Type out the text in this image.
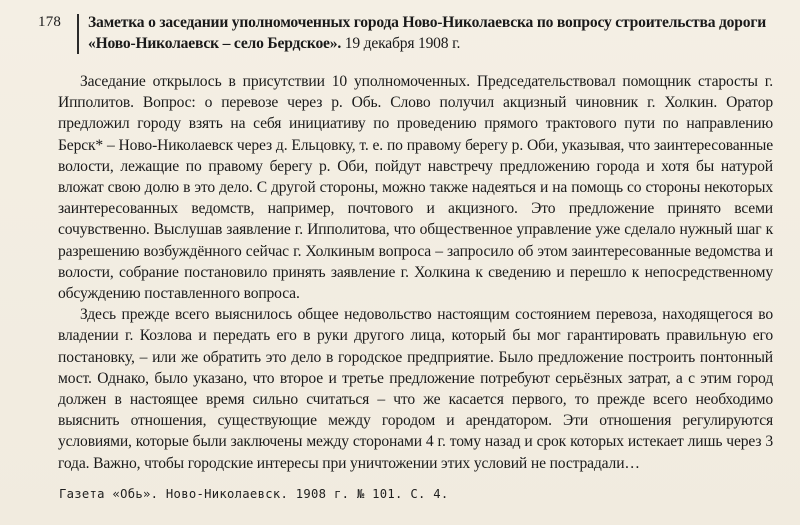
178 Заметка о заседании уполномоченных города Ново-Николаевска по вопросу строительства дороги «Ново-Николаевск – село Бердское». 19 декабря 1908 г.

Заседание открылось в присутствии 10 уполномоченных. Председательствовал помощник старосты г. Ипполитов. Вопрос: о перевозе через р. Обь. Слово получил акцизный чиновник г. Холкин. Оратор предложил городу взять на себя инициативу по проведению прямого трактового пути по направлению Берск* – Ново-Николаевск через д. Ельцовку, т. е. по правому берегу р. Оби, указывая, что заинтересованные волости, лежащие по правому берегу р. Оби, пойдут навстречу предложению города и хотя бы натурой вложат свою долю в это дело. С другой стороны, можно также надеяться и на помощь со стороны некоторых заинтересованных ведомств, например, почтового и акцизного. Это предложение принято всеми сочувственно. Выслушав заявление г. Ипполитова, что общественное управление уже сделало нужный шаг к разрешению возбуждённого сейчас г. Холкиным вопроса – запросило об этом заинтересованные ведомства и волости, собрание постановило принять заявление г. Холкина к сведению и перешло к непосредственному обсуждению поставленного вопроса.

Здесь прежде всего выяснилось общее недовольство настоящим состоянием перевоза, находящегося во владении г. Козлова и передать его в руки другого лица, который бы мог гарантировать правильную его постановку, – или же обратить это дело в городское предприятие. Было предложение построить понтонный мост. Однако, было указано, что второе и третье предложение потребуют серьёзных затрат, а с этим город должен в настоящее время сильно считаться – что же касается первого, то прежде всего необходимо выяснить отношения, существующие между городом и арендатором. Эти отношения регулируются условиями, которые были заключены между сторонами 4 г. тому назад и срок которых истекает лишь через 3 года. Важно, чтобы городские интересы при уничтожении этих условий не пострадали…

Газета «Обь». Ново-Николаевск. 1908 г. № 101. С. 4.
